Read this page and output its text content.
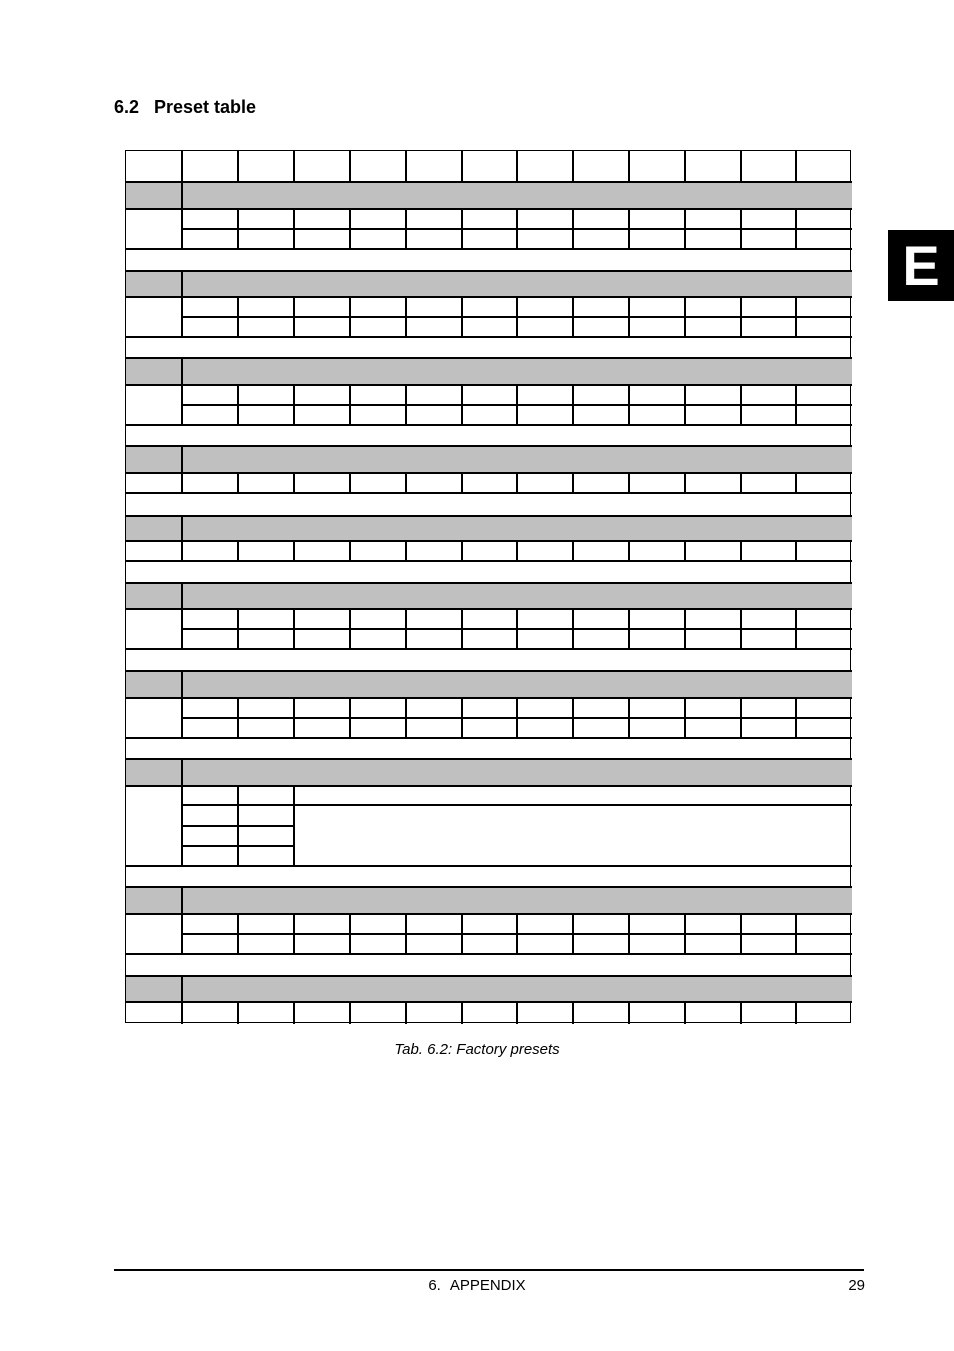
6.2 Preset table
E
Tab. 6.2: Factory presets
6. APPENDIX	29
